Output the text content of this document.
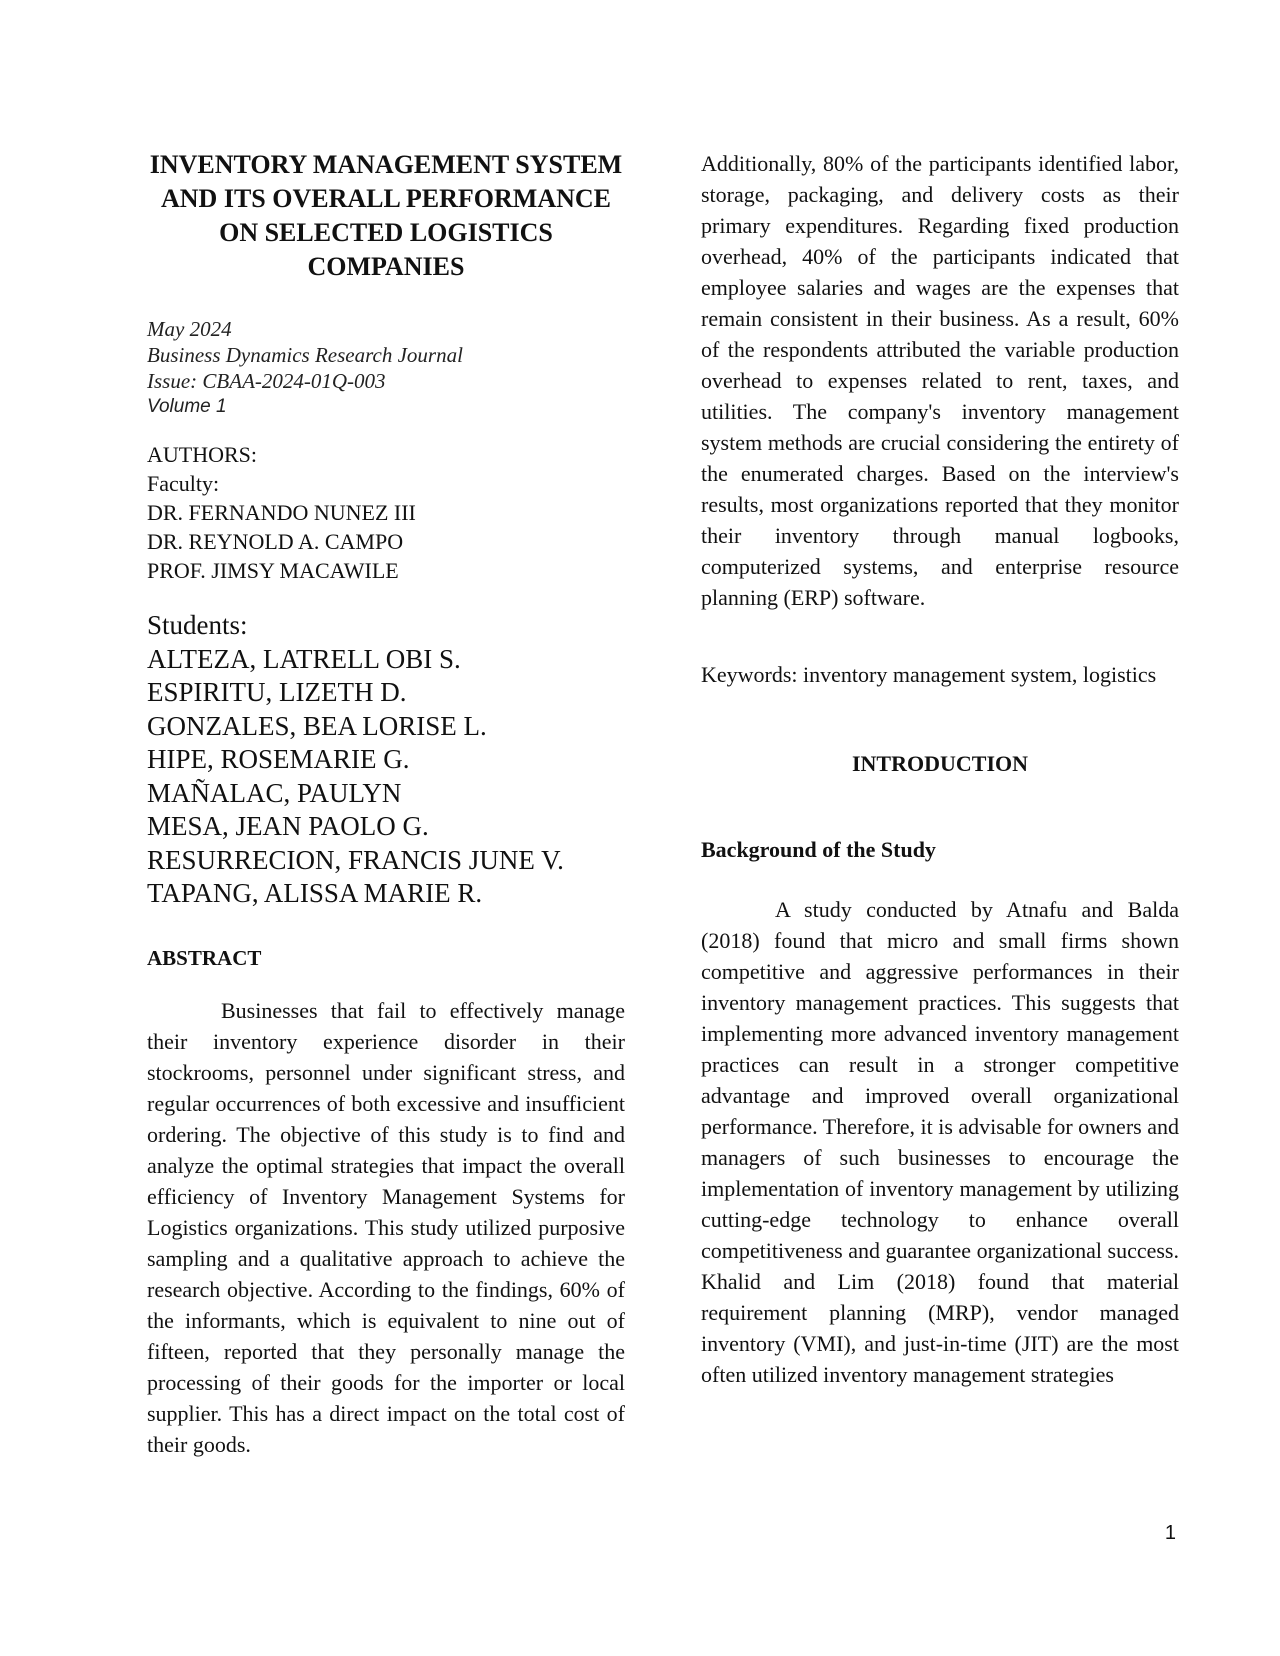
INVENTORY MANAGEMENT SYSTEM AND ITS OVERALL PERFORMANCE ON SELECTED LOGISTICS COMPANIES
May 2024
Business Dynamics Research Journal
Issue: CBAA-2024-01Q-003
Volume 1
AUTHORS:
Faculty:
DR. FERNANDO NUNEZ III
DR. REYNOLD A. CAMPO
PROF. JIMSY MACAWILE
Students:
ALTEZA, LATRELL OBI S.
ESPIRITU, LIZETH D.
GONZALES, BEA LORISE L.
HIPE, ROSEMARIE G.
MAÑALAC, PAULYN
MESA, JEAN PAOLO G.
RESURRECION, FRANCIS JUNE V.
TAPANG, ALISSA MARIE R.
ABSTRACT

Businesses that fail to effectively manage their inventory experience disorder in their stockrooms, personnel under significant stress, and regular occurrences of both excessive and insufficient ordering. The objective of this study is to find and analyze the optimal strategies that impact the overall efficiency of Inventory Management Systems for Logistics organizations. This study utilized purposive sampling and a qualitative approach to achieve the research objective. According to the findings, 60% of the informants, which is equivalent to nine out of fifteen, reported that they personally manage the processing of their goods for the importer or local supplier. This has a direct impact on the total cost of their goods.

Additionally, 80% of the participants identified labor, storage, packaging, and delivery costs as their primary expenditures. Regarding fixed production overhead, 40% of the participants indicated that employee salaries and wages are the expenses that remain consistent in their business. As a result, 60% of the respondents attributed the variable production overhead to expenses related to rent, taxes, and utilities. The company's inventory management system methods are crucial considering the entirety of the enumerated charges. Based on the interview's results, most organizations reported that they monitor their inventory through manual logbooks, computerized systems, and enterprise resource planning (ERP) software.

Keywords: inventory management system, logistics

INTRODUCTION
Background of the Study

A study conducted by Atnafu and Balda (2018) found that micro and small firms shown competitive and aggressive performances in their inventory management practices. This suggests that implementing more advanced inventory management practices can result in a stronger competitive advantage and improved overall organizational performance. Therefore, it is advisable for owners and managers of such businesses to encourage the implementation of inventory management by utilizing cutting-edge technology to enhance overall competitiveness and guarantee organizational success. Khalid and Lim (2018) found that material requirement planning (MRP), vendor managed inventory (VMI), and just-in-time (JIT) are the most often utilized inventory management strategies

1
